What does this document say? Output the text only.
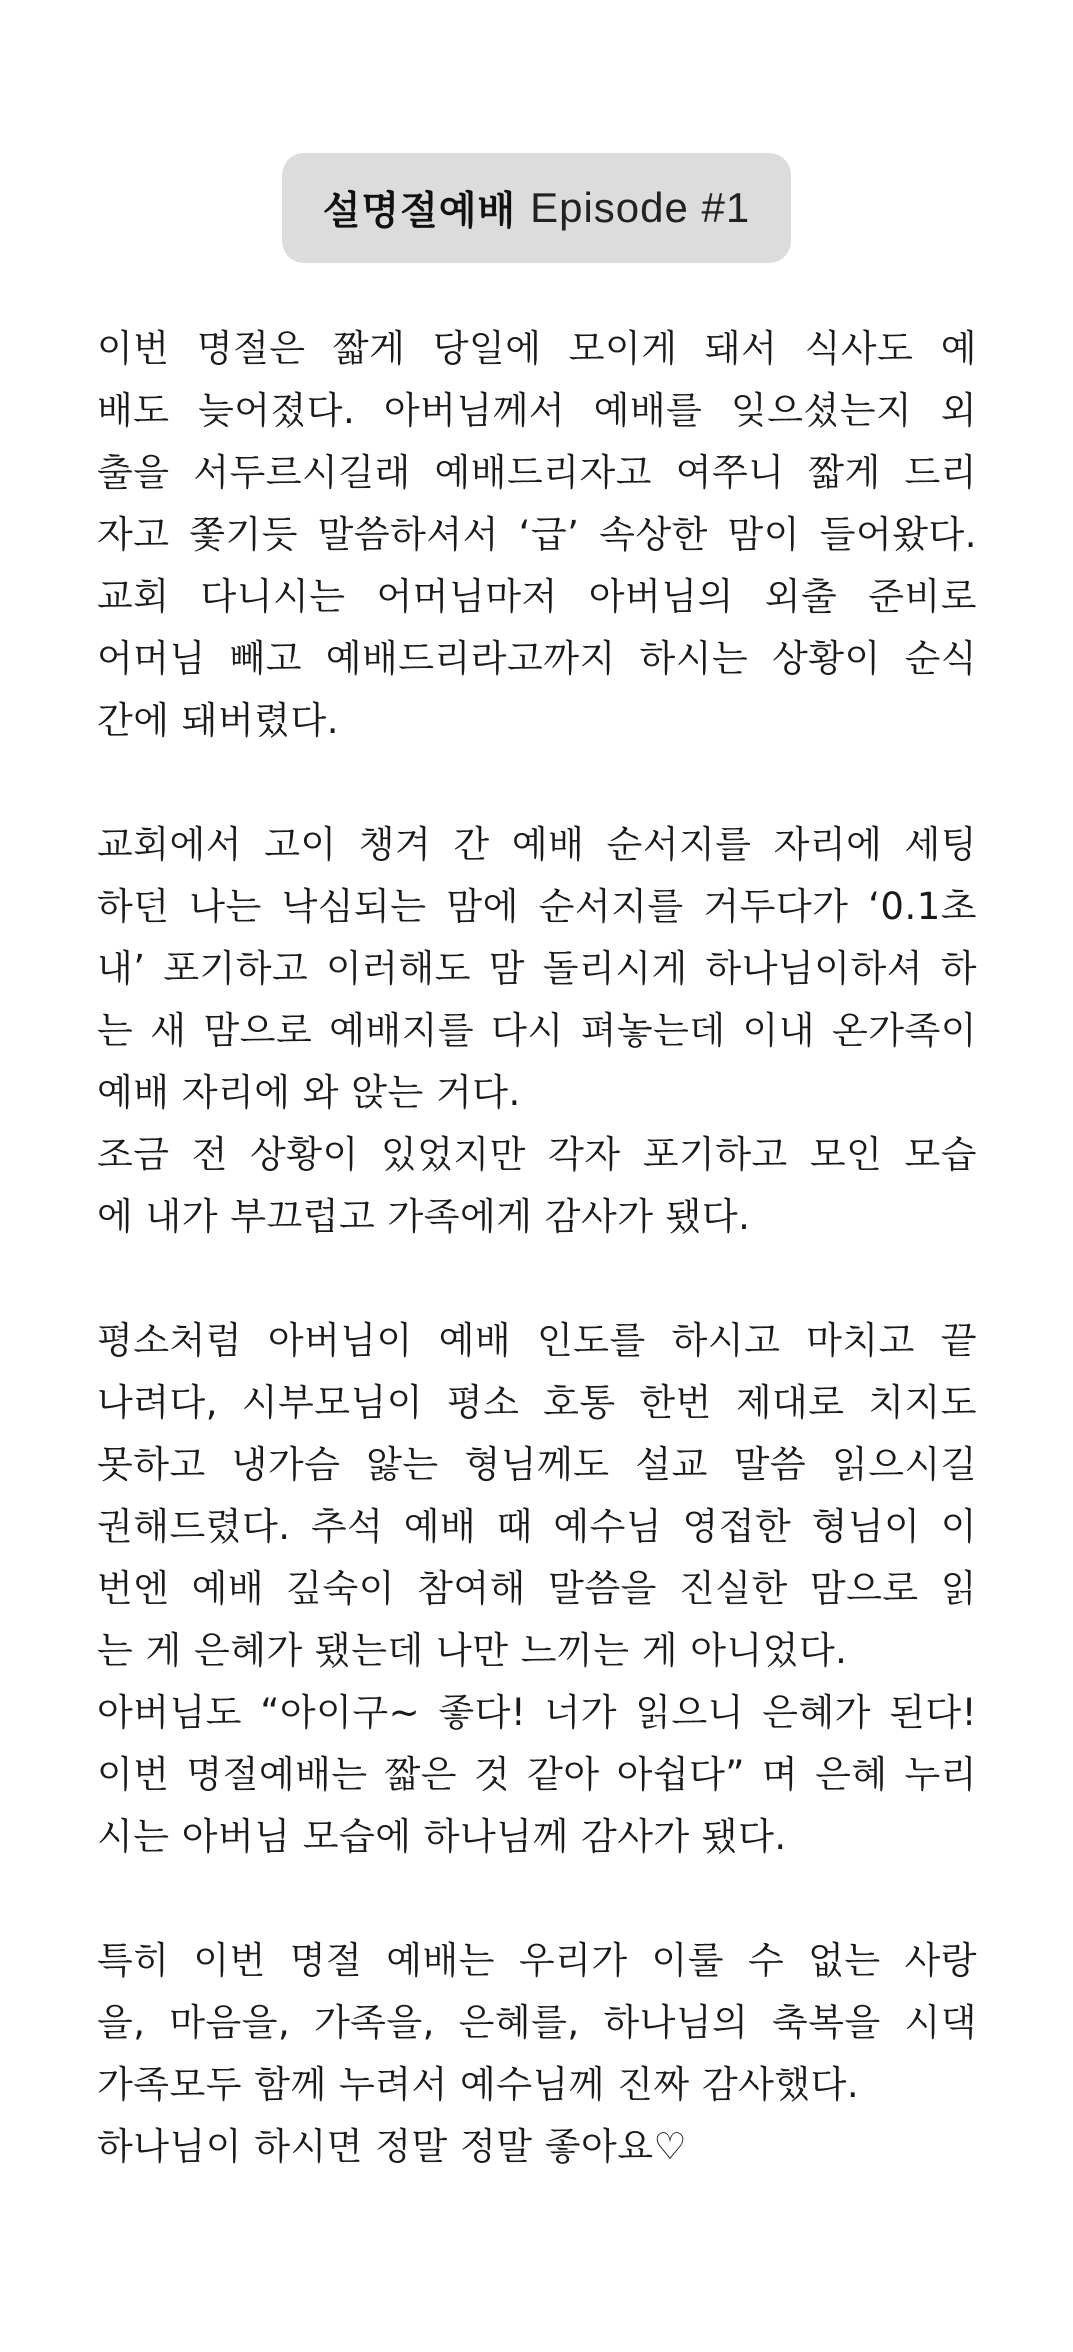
설명절예배 Episode #1
이번 명절은 짧게 당일에 모이게 돼서 식사도 예
배도 늦어졌다. 아버님께서 예배를 잊으셨는지 외
출을 서두르시길래 예배드리자고 여쭈니 짧게 드리
자고 쫓기듯 말씀하셔서 ‘급’ 속상한 맘이 들어왔다.
교회 다니시는 어머님마저 아버님의 외출 준비로
어머님 빼고 예배드리라고까지 하시는 상황이 순식
간에 돼버렸다.
교회에서 고이 챙겨 간 예배 순서지를 자리에 세팅
하던 나는 낙심되는 맘에 순서지를 거두다가 ‘0.1초
내’ 포기하고 이러해도 맘 돌리시게 하나님이하셔 하
는 새 맘으로 예배지를 다시 펴놓는데 이내 온가족이
예배 자리에 와 앉는 거다.
조금 전 상황이 있었지만 각자 포기하고 모인 모습
에 내가 부끄럽고 가족에게 감사가 됐다.
평소처럼 아버님이 예배 인도를 하시고 마치고 끝
나려다, 시부모님이 평소 호통 한번 제대로 치지도
못하고 냉가슴 앓는 형님께도 설교 말씀 읽으시길
권해드렸다. 추석 예배 때 예수님 영접한 형님이 이
번엔 예배 깊숙이 참여해 말씀을 진실한 맘으로 읽
는 게 은혜가 됐는데 나만 느끼는 게 아니었다.
아버님도 “아이구~ 좋다! 너가 읽으니 은혜가 된다!
이번 명절예배는 짧은 것 같아 아쉽다” 며 은혜 누리
시는 아버님 모습에 하나님께 감사가 됐다.
특히 이번 명절 예배는 우리가 이룰 수 없는 사랑
을, 마음을, 가족을, 은혜를, 하나님의 축복을 시댁
가족모두 함께 누려서 예수님께 진짜 감사했다.
하나님이 하시면 정말 정말 좋아요♡
